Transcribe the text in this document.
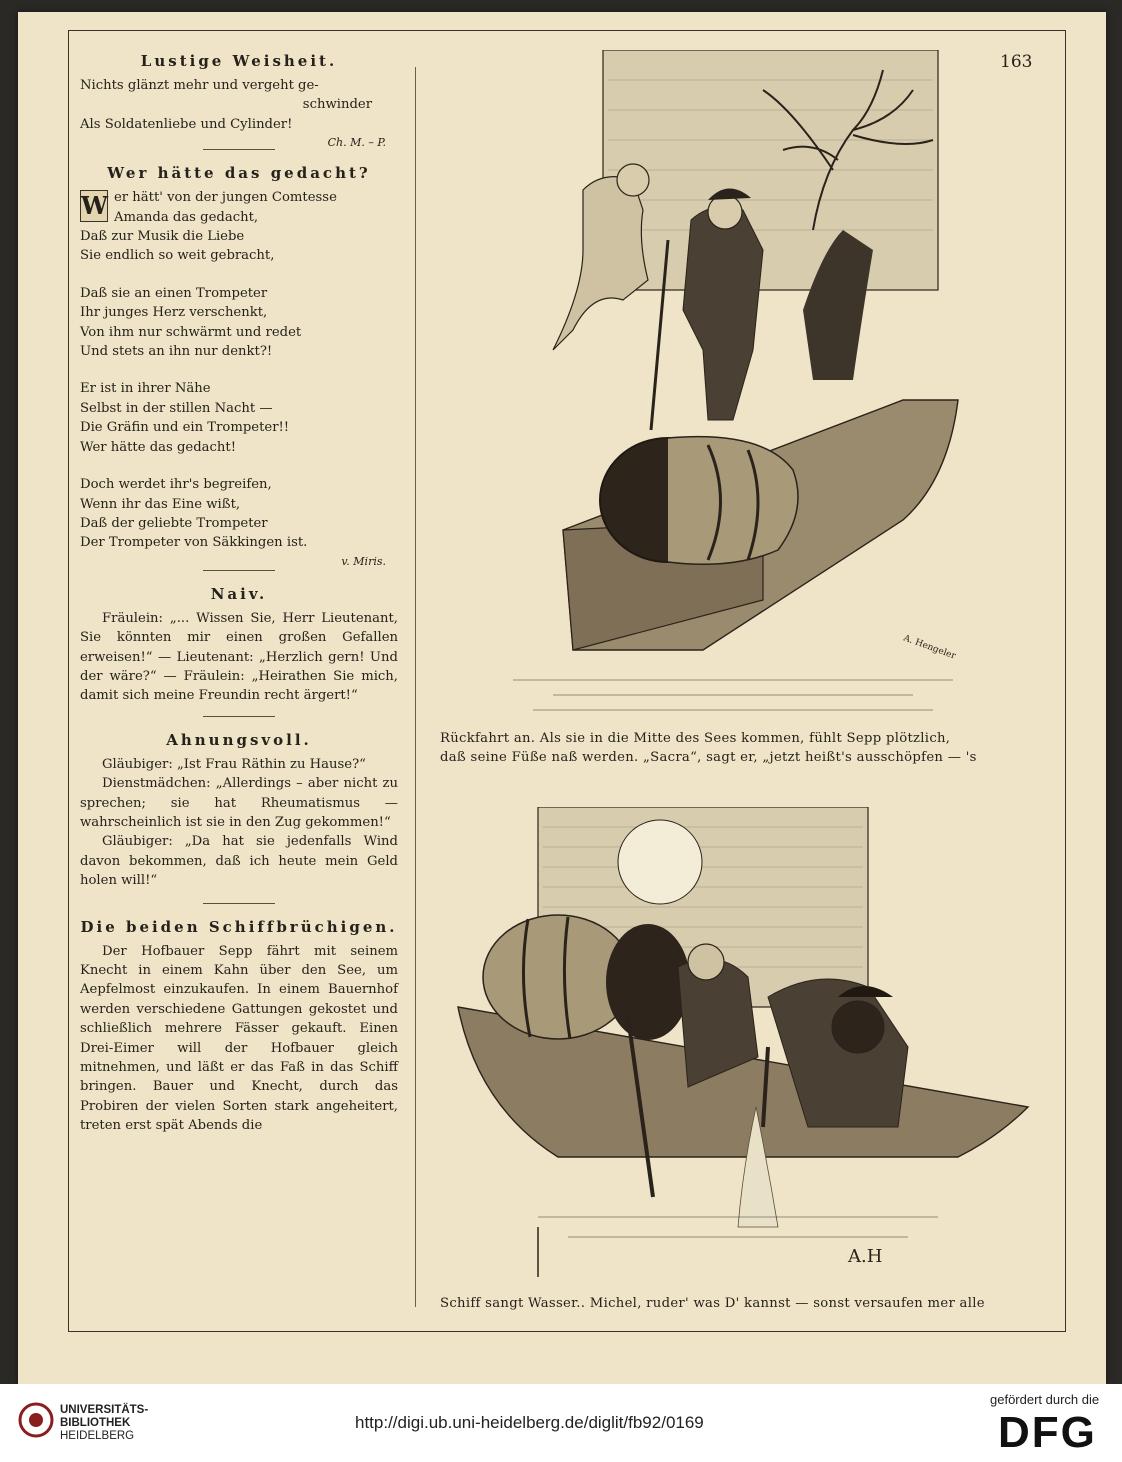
163

Lustige Weisheit.

Nichts glänzt mehr und vergeht ge-

schwinder

Als Soldatenliebe und Cylinder!

Ch. M. – P.

Wer hätte das gedacht?

W er hätt' von der jungen Comtesse

Amanda das gedacht,

Daß zur Musik die Liebe

Sie endlich so weit gebracht,

Daß sie an einen Trompeter

Ihr junges Herz verschenkt,

Von ihm nur schwärmt und redet

Und stets an ihn nur denkt?!

Er ist in ihrer Nähe

Selbst in der stillen Nacht —

Die Gräfin und ein Trompeter!!

Wer hätte das gedacht!

Doch werdet ihr's begreifen,

Wenn ihr das Eine wißt,

Daß der geliebte Trompeter

Der Trompeter von Säkkingen ist.

v. Miris.

Naiv.

Fräulein: „... Wissen Sie, Herr Lieutenant, Sie könnten mir einen großen Gefallen erweisen!“ — Lieutenant: „Herzlich gern! Und der wäre?“ — Fräulein: „Heirathen Sie mich, damit sich meine Freundin recht ärgert!“

Ahnungsvoll.

Gläubiger: „Ist Frau Räthin zu Hause?“

Dienstmädchen: „Allerdings – aber nicht zu sprechen; sie hat Rheumatismus — wahrscheinlich ist sie in den Zug gekommen!“

Gläubiger: „Da hat sie jedenfalls Wind davon bekommen, daß ich heute mein Geld holen will!“

Die beiden Schiffbrüchigen.

Der Hofbauer Sepp fährt mit seinem Knecht in einem Kahn über den See, um Aepfelmost einzukaufen. In einem Bauernhof werden verschiedene Gattungen gekostet und schließlich mehrere Fässer gekauft. Einen Drei-Eimer will der Hofbauer gleich mitnehmen, und läßt er das Faß in das Schiff bringen. Bauer und Knecht, durch das Probiren der vielen Sorten stark angeheitert, treten erst spät Abends die

A. Hengeler
Rückfahrt an. Als sie in die Mitte des Sees kommen, fühlt Sepp plötzlich,
daß seine Füße naß werden. „Sacra“, sagt er, „jetzt heißt's ausschöpfen — 's
A.H
Schiff sangt Wasser.. Michel, ruder' was D' kannst — sonst versaufen mer alle
UNIVERSITÄTS-
BIBLIOTHEK
HEIDELBERG
http://digi.ub.uni-heidelberg.de/diglit/fb92/0169
gefördert durch die
DFG
